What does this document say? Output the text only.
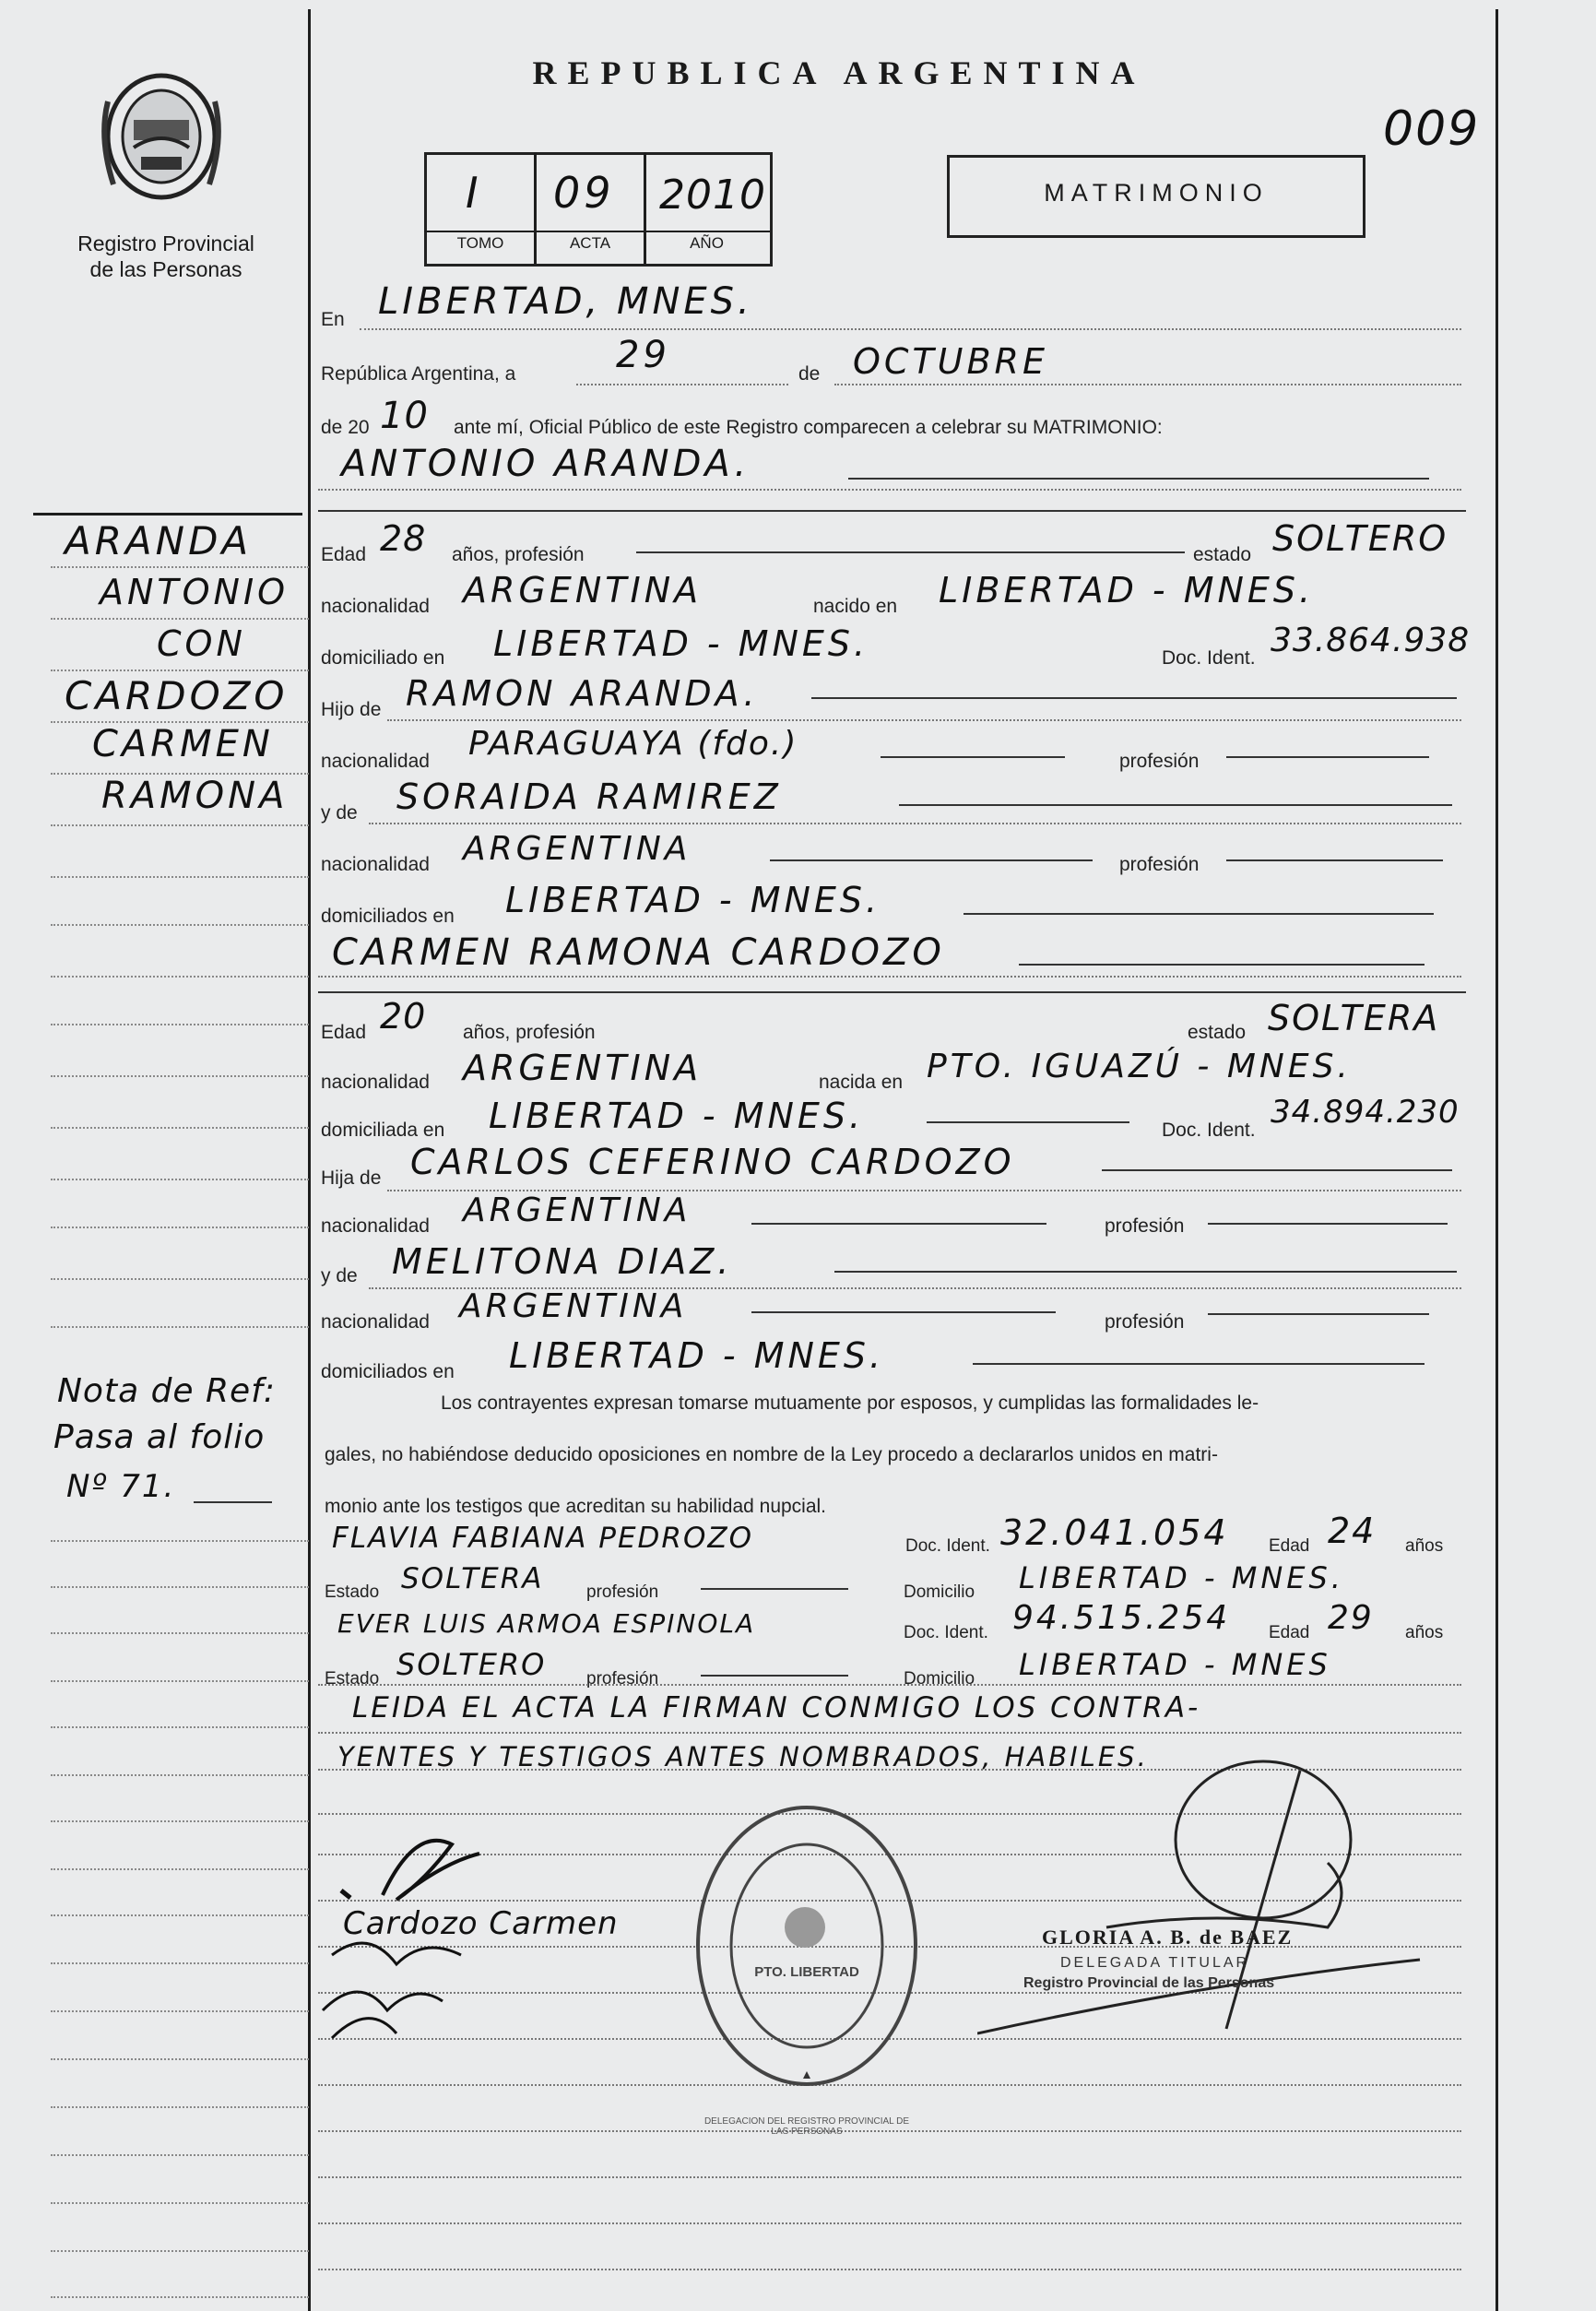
Registro Provincial
de las Personas
REPUBLICA ARGENTINA
I 09 2010
TOMO	ACTA	AÑO
MATRIMONIO
009
ARANDA
ANTONIO
CON
CARDOZO
CARMEN
RAMONA
Nota de Ref:
Pasa al folio
Nº 71.
En LIBERTAD, MNES.
República Argentina, a	29	de OCTUBRE
de 20 10 ante mí, Oficial Público de este Registro comparecen a celebrar su MATRIMONIO:
ANTONIO ARANDA.
Edad 28 años, profesión	estado SOLTERO
nacionalidad ARGENTINA	nacido en LIBERTAD - MNES.
domiciliado en LIBERTAD - MNES.	Doc. Ident. 33.864.938
Hijo de RAMON ARANDA.
nacionalidad PARAGUAYA (fdo.)	profesión
y de SORAIDA RAMIREZ
nacionalidad ARGENTINA	profesión
domiciliados en LIBERTAD - MNES.
CARMEN RAMONA CARDOZO
Edad 20 años, profesión	estado SOLTERA
nacionalidad ARGENTINA	nacida en PTO. IGUAZÚ - MNES.
domiciliada en LIBERTAD - MNES.	Doc. Ident. 34.894.230
Hija de CARLOS CEFERINO CARDOZO
nacionalidad ARGENTINA	profesión
y de MELITONA DIAZ.
nacionalidad ARGENTINA	profesión
domiciliados en LIBERTAD - MNES.
Los contrayentes expresan tomarse mutuamente por esposos, y cumplidas las formalidades le-
gales, no habiéndose deducido oposiciones en nombre de la Ley procedo a declararlos unidos en matri-
monio ante los testigos que acreditan su habilidad nupcial.
FLAVIA FABIANA PEDROZO	Doc. Ident. 32.041.054 Edad 24 años
Estado SOLTERA profesión	Domicilio LIBERTAD - MNES.
EVER LUIS ARMOA ESPINOLA	Doc. Ident. 94.515.254 Edad 29 años
Estado SOLTERO profesión	Domicilio LIBERTAD - MNES
LEIDA EL ACTA LA FIRMAN CONMIGO LOS CONTRA-
YENTES Y TESTIGOS ANTES NOMBRADOS, HABILES.
Cardozo Carmen
DELEGACION DEL REGISTRO PROVINCIAL DE LAS PERSONAS
PTO. LIBERTAD
GLORIA A. B. de BAEZ
DELEGADA TITULAR
Registro Provincial de las Personas
